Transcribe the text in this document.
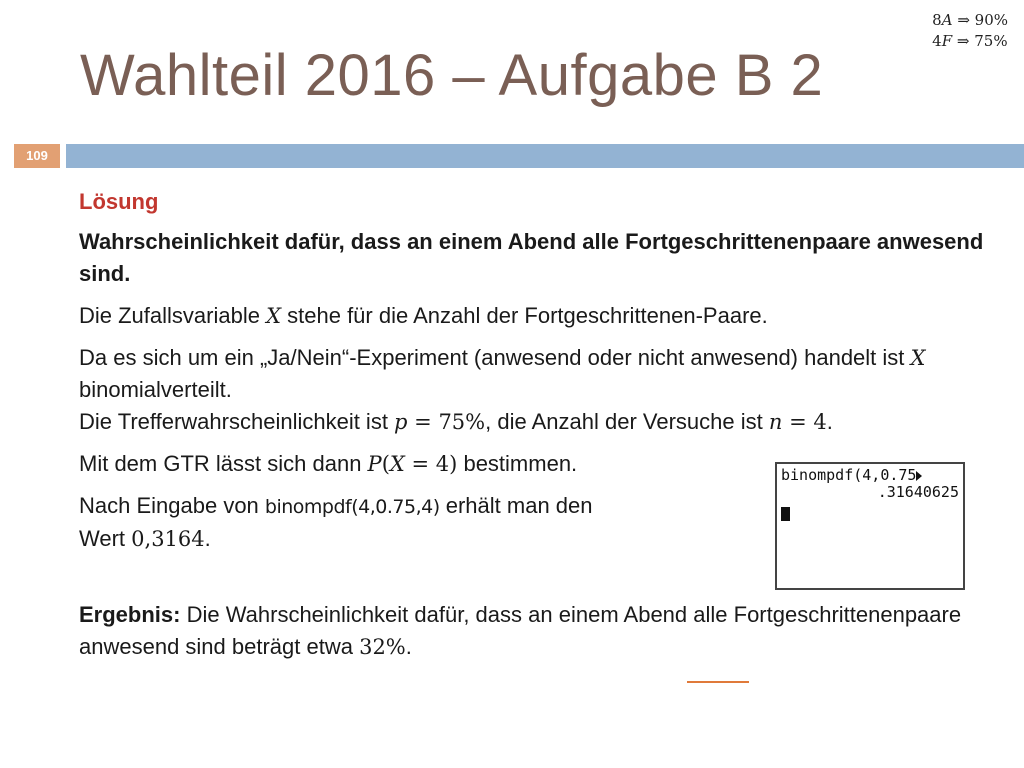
8A ⇒ 90%
4F ⇒ 75%
Wahlteil 2016 – Aufgabe B 2
109
Lösung
Wahrscheinlichkeit dafür, dass an einem Abend alle Fortgeschrittenenpaare anwesend sind.
Die Zufallsvariable X stehe für die Anzahl der Fortgeschrittenen-Paare.
Da es sich um ein „Ja/Nein“-Experiment (anwesend oder nicht anwesend) handelt ist X binomialverteilt.
Die Trefferwahrscheinlichkeit ist p = 75%, die Anzahl der Versuche ist n = 4.
Mit dem GTR lässt sich dann P(X = 4) bestimmen.
Nach Eingabe von binompdf(4,0.75,4) erhält man den
Wert 0,3164.
Ergebnis: Die Wahrscheinlichkeit dafür, dass an einem Abend alle Fortgeschrittenenpaare anwesend sind beträgt etwa 32%.
binompdf(4,0.75
.31640625
